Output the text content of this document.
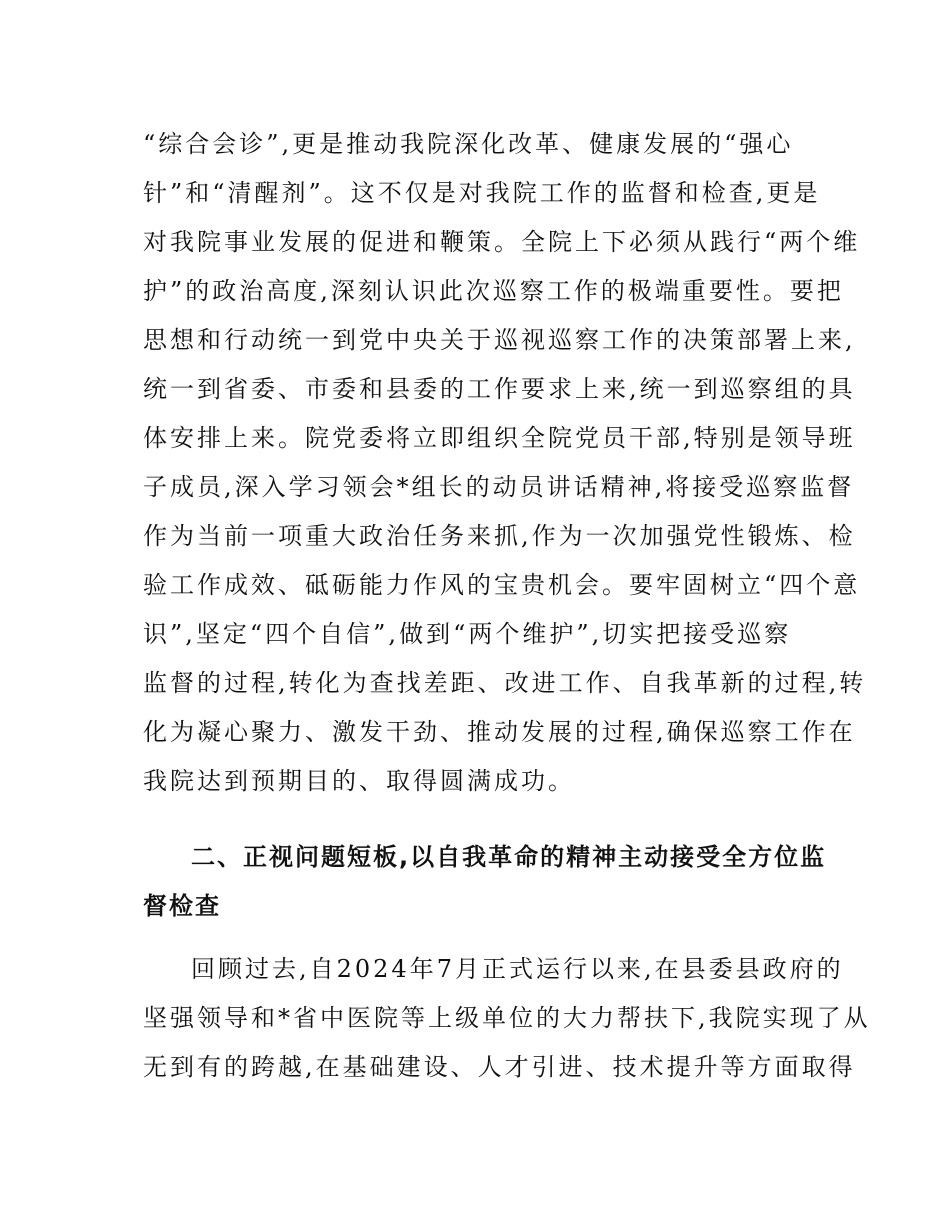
“综合会诊”,更是推动我院深化改革、健康发展的“强心
针”和“清醒剂”。这不仅是对我院工作的监督和检查,更是
对我院事业发展的促进和鞭策。全院上下必须从践行“两个维
护”的政治高度,深刻认识此次巡察工作的极端重要性。要把
思想和行动统一到党中央关于巡视巡察工作的决策部署上来,
统一到省委、市委和县委的工作要求上来,统一到巡察组的具
体安排上来。院党委将立即组织全院党员干部,特别是领导班
子成员,深入学习领会*组长的动员讲话精神,将接受巡察监督
作为当前一项重大政治任务来抓,作为一次加强党性锻炼、检
验工作成效、砥砺能力作风的宝贵机会。要牢固树立“四个意
识”,坚定“四个自信”,做到“两个维护”,切实把接受巡察
监督的过程,转化为查找差距、改进工作、自我革新的过程,转
化为凝心聚力、激发干劲、推动发展的过程,确保巡察工作在
我院达到预期目的、取得圆满成功。
二、正视问题短板,以自我革命的精神主动接受全方位监
督检查
回顾过去,自2024年7月正式运行以来,在县委县政府的
坚强领导和*省中医院等上级单位的大力帮扶下,我院实现了从
无到有的跨越,在基础建设、人才引进、技术提升等方面取得
